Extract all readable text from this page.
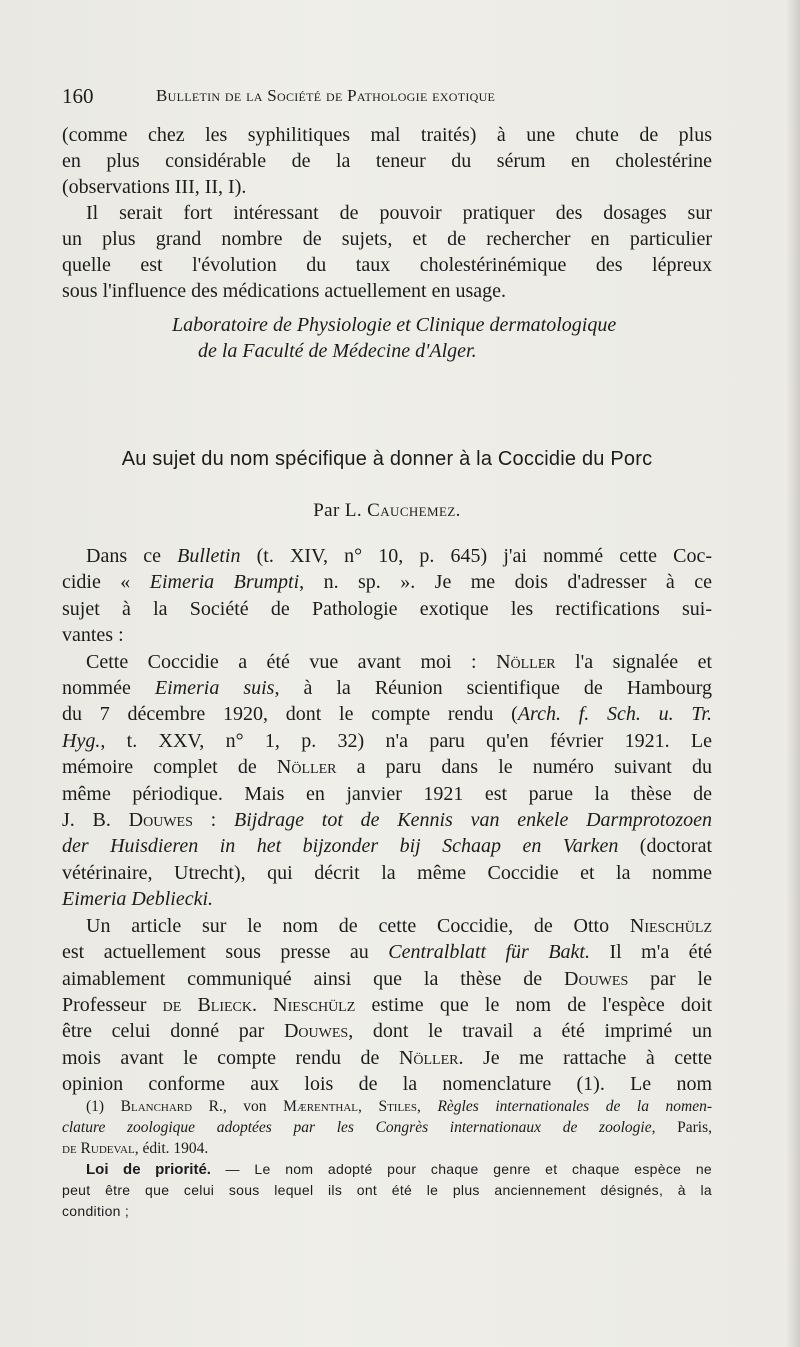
160	Bulletin de la Société de Pathologie exotique
(comme chez les syphilitiques mal traités) à une chute de plus
en plus considérable de la teneur du sérum en cholestérine
(observations III, II, I).
Il serait fort intéressant de pouvoir pratiquer des dosages sur
un plus grand nombre de sujets, et de rechercher en particulier
quelle est l'évolution du taux cholestérinémique des lépreux
sous l'influence des médications actuellement en usage.
Laboratoire de Physiologie et Clinique dermatologique
de la Faculté de Médecine d'Alger.
Au sujet du nom spécifique à donner à la Coccidie du Porc
Par L. Cauchemez.
Dans ce Bulletin (t. XIV, n° 10, p. 645) j'ai nommé cette Coc-
cidie « Eimeria Brumpti, n. sp. ». Je me dois d'adresser à ce
sujet à la Société de Pathologie exotique les rectifications sui-
vantes :
Cette Coccidie a été vue avant moi : Nöller l'a signalée et
nommée Eimeria suis, à la Réunion scientifique de Hambourg
du 7 décembre 1920, dont le compte rendu (Arch. f. Sch. u. Tr.
Hyg., t. XXV, n° 1, p. 32) n'a paru qu'en février 1921. Le
mémoire complet de Nöller a paru dans le numéro suivant du
même périodique. Mais en janvier 1921 est parue la thèse de
J. B. Douwes : Bijdrage tot de Kennis van enkele Darmprotozoen
der Huisdieren in het bijzonder bij Schaap en Varken (doctorat
vétérinaire, Utrecht), qui décrit la même Coccidie et la nomme
Eimeria Debliecki.
Un article sur le nom de cette Coccidie, de Otto Nieschülz
est actuellement sous presse au Centralblatt für Bakt. Il m'a été
aimablement communiqué ainsi que la thèse de Douwes par le
Professeur de Blieck. Nieschülz estime que le nom de l'espèce doit
être celui donné par Douwes, dont le travail a été imprimé un
mois avant le compte rendu de Nöller. Je me rattache à cette
opinion conforme aux lois de la nomenclature (1). Le nom
(1) Blanchard R., von Mærenthal, Stiles, Règles internationales de la nomen-
clature zoologique adoptées par les Congrès internationaux de zoologie, Paris,
de Rudeval, édit. 1904.
Loi de priorité. — Le nom adopté pour chaque genre et chaque espèce ne
peut être que celui sous lequel ils ont été le plus anciennement désignés, à la
condition ;
